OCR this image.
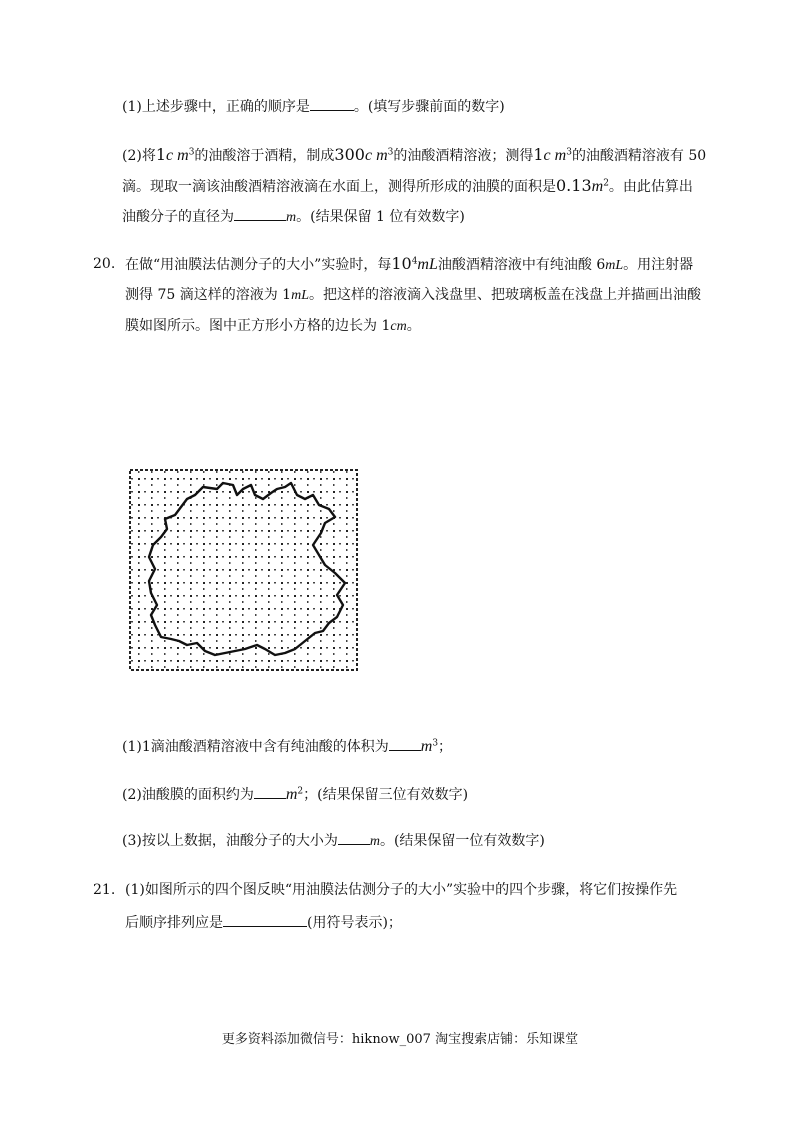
(1)上述步骤中，正确的顺序是	。(填写步骤前面的数字)
(2)将1c $m^3$的油酸溶于酒精，制成300c $m^3$的油酸酒精溶液；测得1c $m^3$的油酸酒精溶液有 50
滴。现取一滴该油酸酒精溶液滴在水面上，测得所形成的油膜的面积是$0.13m^2$。由此估算出
油酸分子的直径为	m。(结果保留 1 位有效数字)
20. 在做“用油膜法估测分子的大小”实验时，每$10^4mL$油酸酒精溶液中有纯油酸 6mL。用注射器
测得 75 滴这样的溶液为 1mL。把这样的溶液滴入浅盘里、把玻璃板盖在浅盘上并描画出油酸
膜如图所示。图中正方形小方格的边长为 1cm。
(1)1滴油酸酒精溶液中含有纯油酸的体积为 $m^3$；
(2)油酸膜的面积约为 $m^2$；(结果保留三位有效数字)
(3)按以上数据，油酸分子的大小为 m。(结果保留一位有效数字)
21. (1)如图所示的四个图反映“用油膜法估测分子的大小”实验中的四个步骤，将它们按操作先
后顺序排列应是	(用符号表示)；
更多资料添加微信号：hiknow_007 淘宝搜索店铺：乐知课堂
